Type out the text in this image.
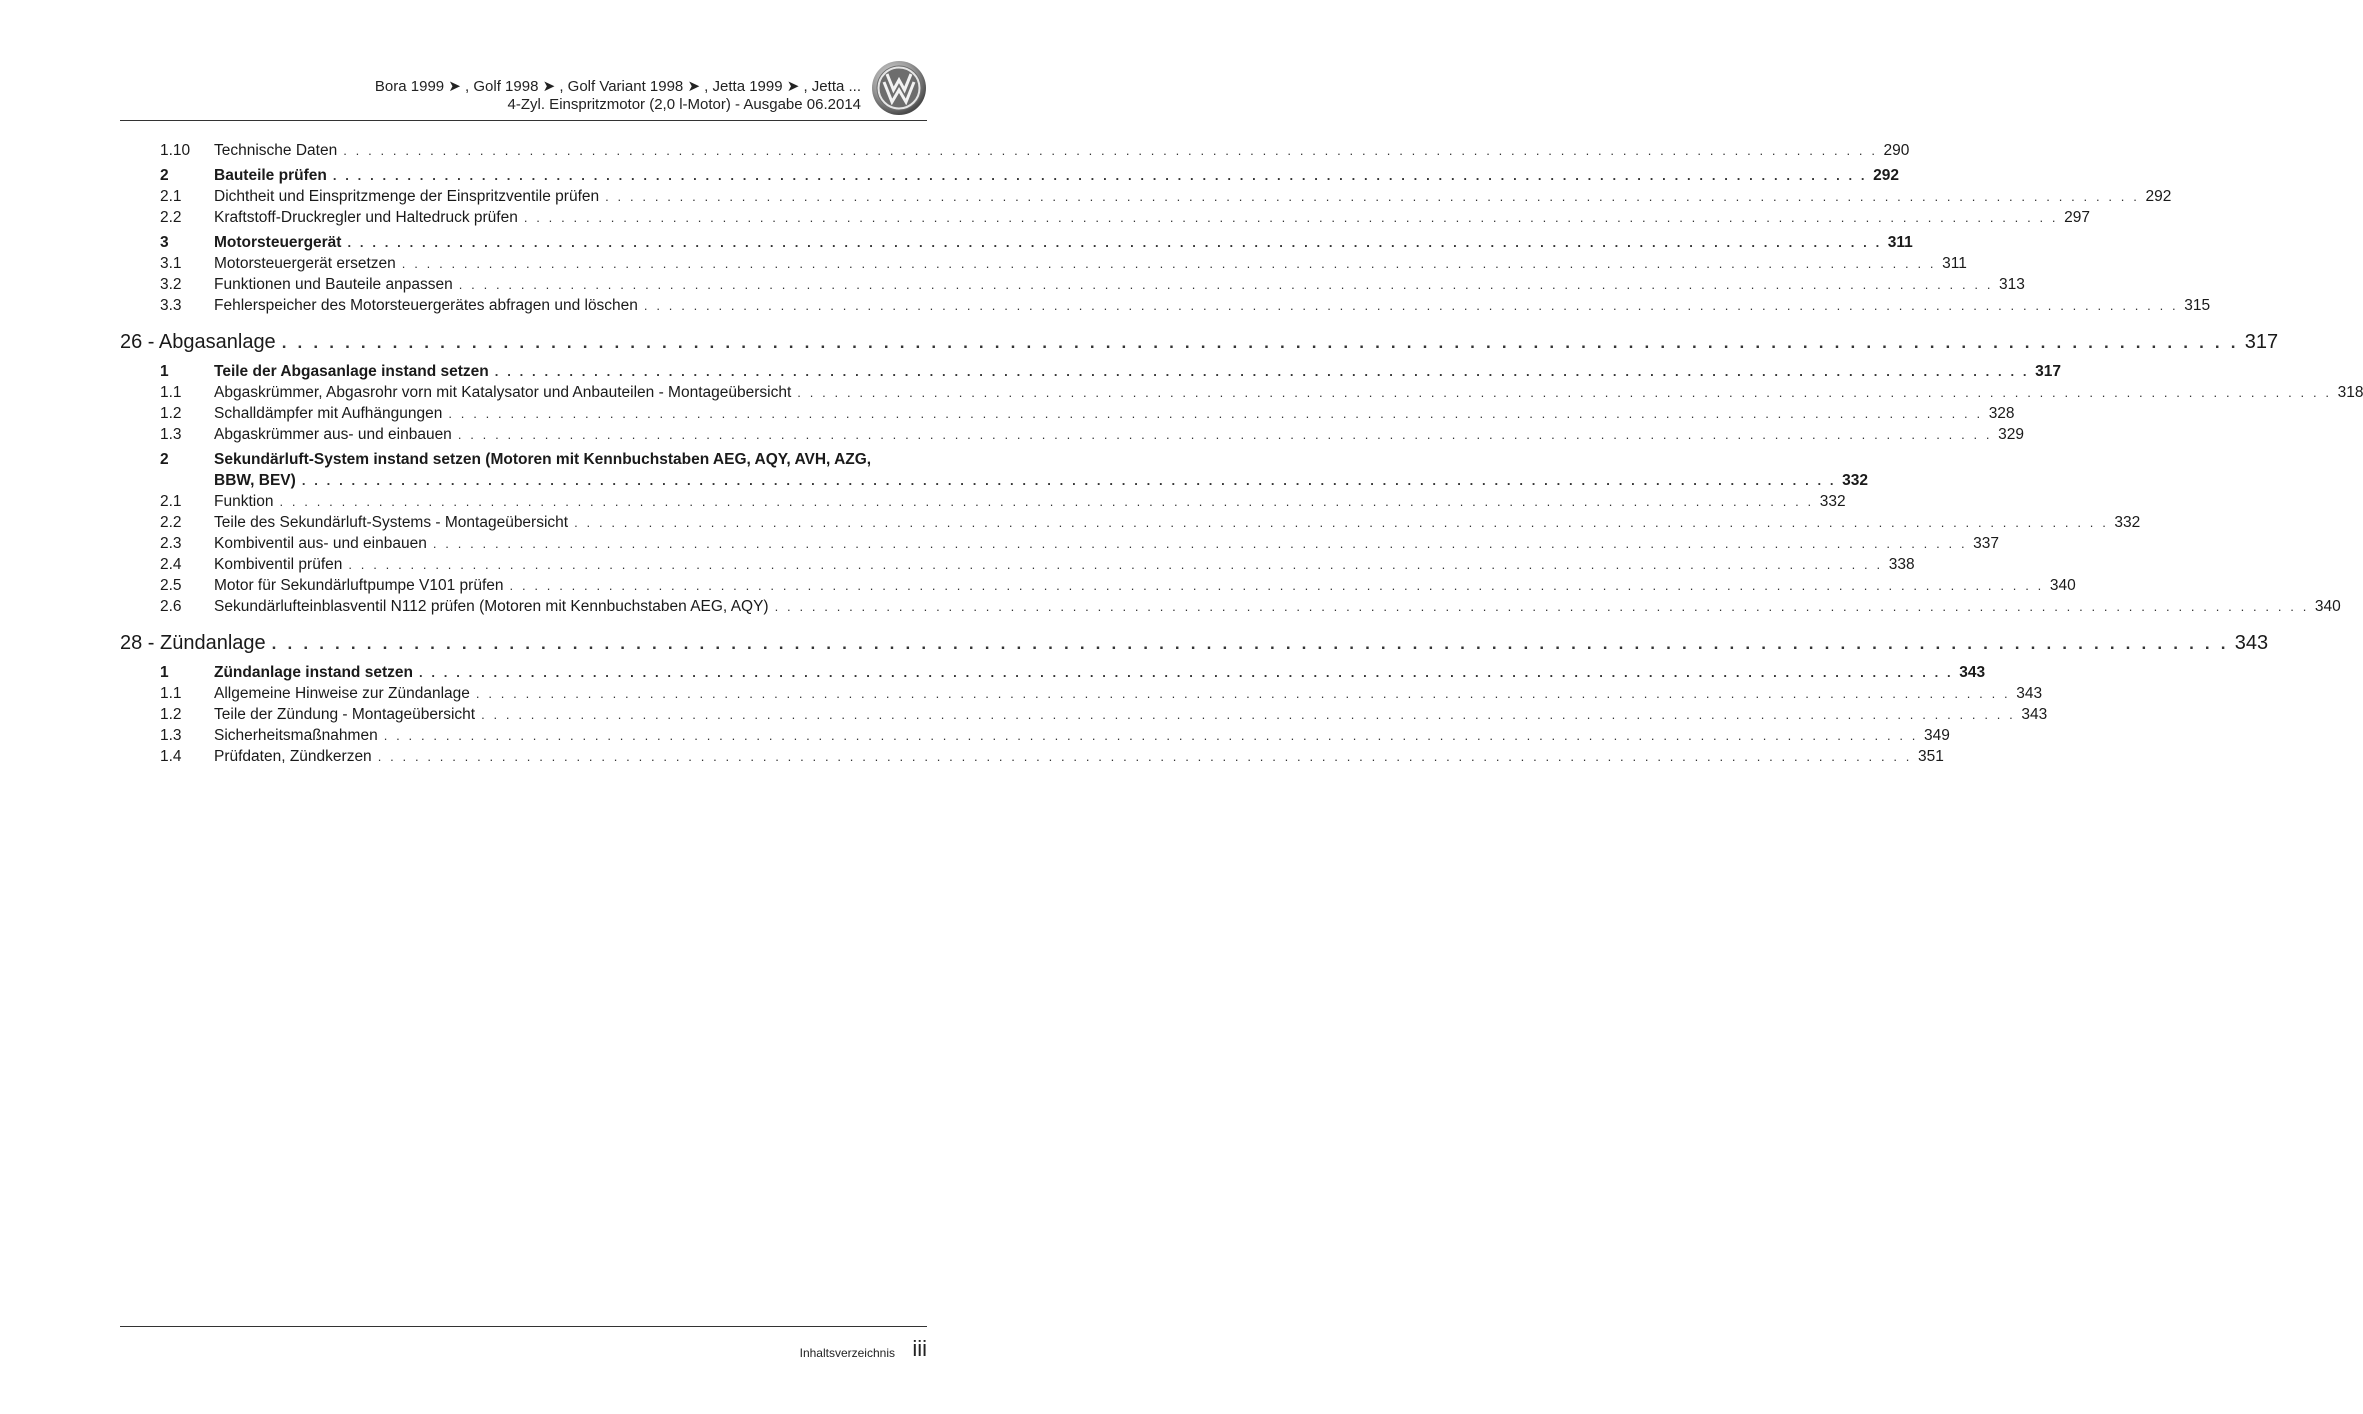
Bora 1999 ➤ , Golf 1998 ➤ , Golf Variant 1998 ➤ , Jetta 1999 ➤ , Jetta ...
4-Zyl. Einspritzmotor (2,0 l-Motor) - Ausgabe 06.2014
1.10	Technische Daten . . .	290
2	Bauteile prüfen . . .	292
2.1	Dichtheit und Einspritzmenge der Einspritzventile prüfen . . .	292
2.2	Kraftstoff-Druckregler und Haltedruck prüfen . . .	297
3	Motorsteuergerät . . .	311
3.1	Motorsteuergerät ersetzen . . .	311
3.2	Funktionen und Bauteile anpassen . . .	313
3.3	Fehlerspeicher des Motorsteuergerätes abfragen und löschen . . .	315
26 - Abgasanlage . . .	317
1	Teile der Abgasanlage instand setzen . . .	317
1.1	Abgaskrümmer, Abgasrohr vorn mit Katalysator und Anbauteilen - Montageübersicht . . .	318
1.2	Schalldämpfer mit Aufhängungen . . .	328
1.3	Abgaskrümmer aus- und einbauen . . .	329
2	Sekundärluft-System instand setzen (Motoren mit Kennbuchstaben AEG, AQY, AVH, AZG,
BBW, BEV) . . .	332
2.1	Funktion . . .	332
2.2	Teile des Sekundärluft-Systems - Montageübersicht . . .	332
2.3	Kombiventil aus- und einbauen . . .	337
2.4	Kombiventil prüfen . . .	338
2.5	Motor für Sekundärluftpumpe V101 prüfen . . .	340
2.6	Sekundärlufteinblasventil N112 prüfen (Motoren mit Kennbuchstaben AEG, AQY) . . .	340
28 - Zündanlage . . .	343
1	Zündanlage instand setzen . . .	343
1.1	Allgemeine Hinweise zur Zündanlage . . .	343
1.2	Teile der Zündung - Montageübersicht . . .	343
1.3	Sicherheitsmaßnahmen . . .	349
1.4	Prüfdaten, Zündkerzen . . .	351
Inhaltsverzeichnis iii
